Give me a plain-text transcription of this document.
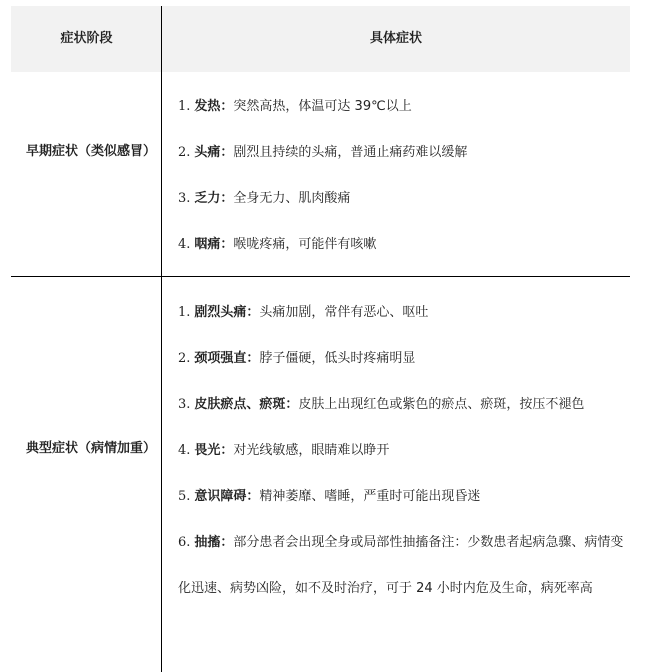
症状阶段	具体症状
早期症状（类似感冒）
1. 发热：突然高热，体温可达 39℃以上
2. 头痛：剧烈且持续的头痛，普通止痛药难以缓解
3. 乏力：全身无力、肌肉酸痛
4. 咽痛：喉咙疼痛，可能伴有咳嗽
典型症状（病情加重）
1. 剧烈头痛：头痛加剧，常伴有恶心、呕吐
2. 颈项强直：脖子僵硬，低头时疼痛明显
3. 皮肤瘀点、瘀斑：皮肤上出现红色或紫色的瘀点、瘀斑，按压不褪色
4. 畏光：对光线敏感，眼睛难以睁开
5. 意识障碍：精神萎靡、嗜睡，严重时可能出现昏迷
6. 抽搐：部分患者会出现全身或局部性抽搐备注：少数患者起病急骤、病情变化迅速、病势凶险，如不及时治疗，可于 24 小时内危及生命，病死率高
